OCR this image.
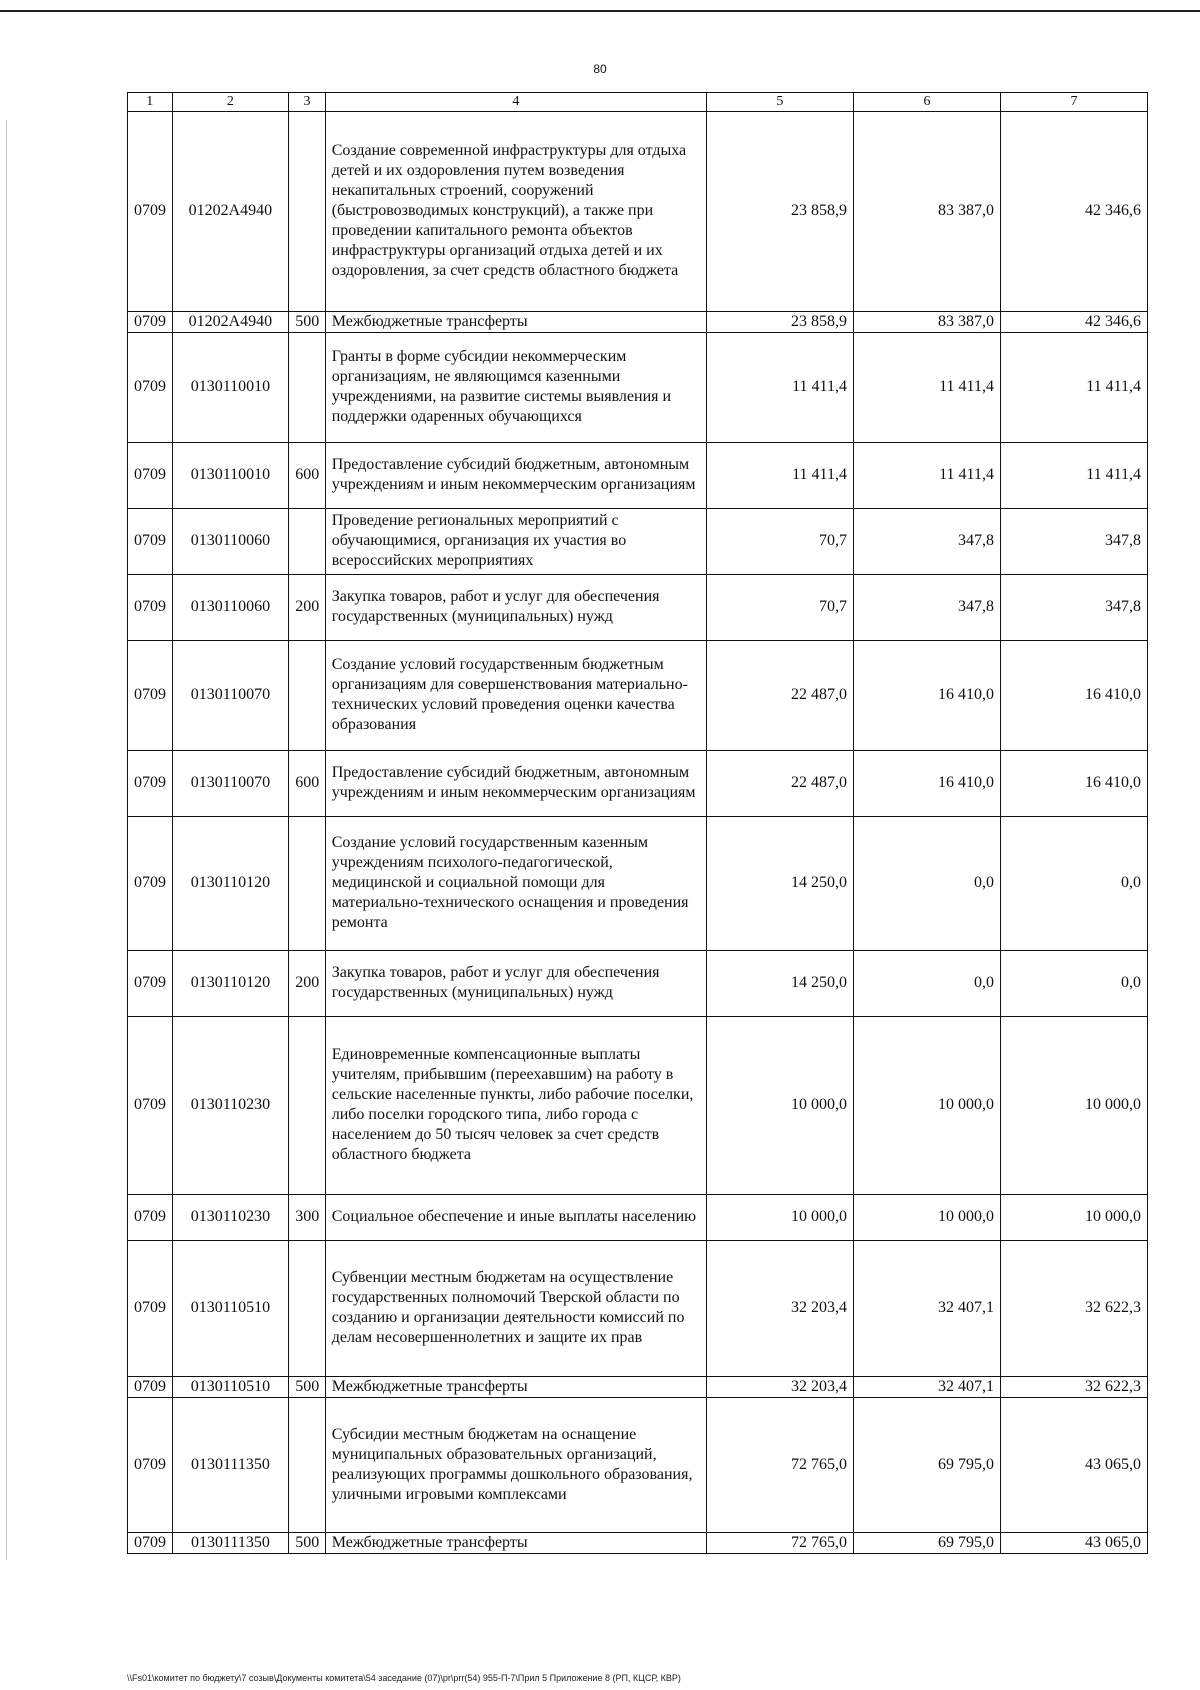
80
1	2	3	4	5	6	7
0709	01202A4940		Создание современной инфраструктуры для отдыха детей и их оздоровления путем возведения некапитальных строений, сооружений (быстровозводимых конструкций), а также при проведении капитального ремонта объектов инфраструктуры организаций отдыха детей и их оздоровления, за счет средств областного бюджета	23 858,9	83 387,0	42 346,6
0709	01202A4940	500	Межбюджетные трансферты	23 858,9	83 387,0	42 346,6
0709	0130110010		Гранты в форме субсидии некоммерческим организациям, не являющимся казенными учреждениями, на развитие системы выявления и поддержки одаренных обучающихся	11 411,4	11 411,4	11 411,4
0709	0130110010	600	Предоставление субсидий бюджетным, автономным учреждениям и иным некоммерческим организациям	11 411,4	11 411,4	11 411,4
0709	0130110060		Проведение региональных мероприятий с обучающимися, организация их участия во всероссийских мероприятиях	70,7	347,8	347,8
0709	0130110060	200	Закупка товаров, работ и услуг для обеспечения государственных (муниципальных) нужд	70,7	347,8	347,8
0709	0130110070		Создание условий государственным бюджетным организациям для совершенствования материально-технических условий проведения оценки качества образования	22 487,0	16 410,0	16 410,0
0709	0130110070	600	Предоставление субсидий бюджетным, автономным учреждениям и иным некоммерческим организациям	22 487,0	16 410,0	16 410,0
0709	0130110120		Создание условий государственным казенным учреждениям психолого-педагогической, медицинской и социальной помощи для материально-технического оснащения и проведения ремонта	14 250,0	0,0	0,0
0709	0130110120	200	Закупка товаров, работ и услуг для обеспечения государственных (муниципальных) нужд	14 250,0	0,0	0,0
0709	0130110230		Единовременные компенсационные выплаты учителям, прибывшим (переехавшим) на работу в сельские населенные пункты, либо рабочие поселки, либо поселки городского типа, либо города с населением до 50 тысяч человек за счет средств областного бюджета	10 000,0	10 000,0	10 000,0
0709	0130110230	300	Социальное обеспечение и иные выплаты населению	10 000,0	10 000,0	10 000,0
0709	0130110510		Субвенции местным бюджетам на осуществление государственных полномочий Тверской области по созданию и организации деятельности комиссий по делам несовершеннолетних и защите их прав	32 203,4	32 407,1	32 622,3
0709	0130110510	500	Межбюджетные трансферты	32 203,4	32 407,1	32 622,3
0709	0130111350		Субсидии местным бюджетам на оснащение муниципальных образовательных организаций, реализующих программы дошкольного образования, уличными игровыми комплексами	72 765,0	69 795,0	43 065,0
0709	0130111350	500	Межбюджетные трансферты	72 765,0	69 795,0	43 065,0
\\Fs01\комитет по бюджету\7 созыв\Документы комитета\54 заседание (07)\pr\prr(54) 955-П-7\Прил 5 Приложение 8 (РП, КЦСР, КВР)
